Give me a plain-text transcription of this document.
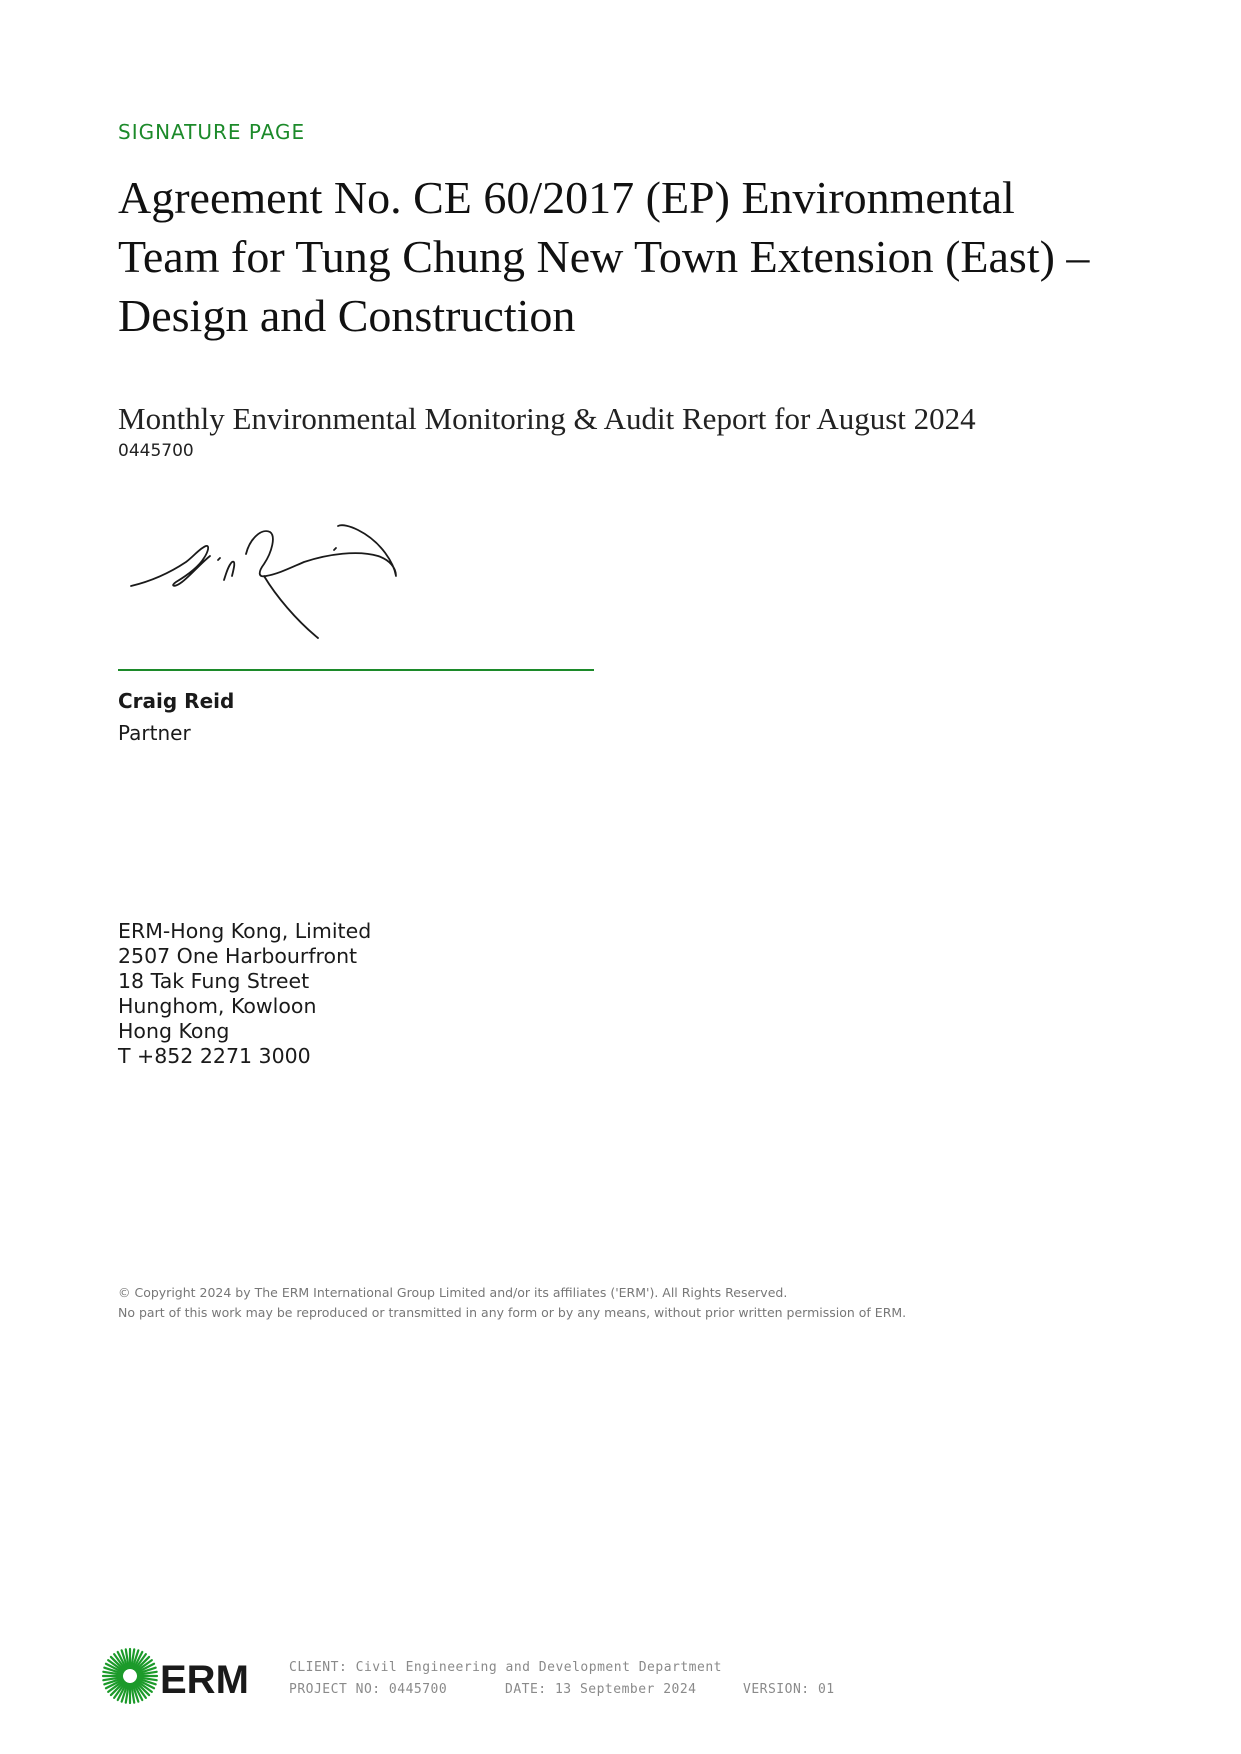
SIGNATURE PAGE
Agreement No. CE 60/2017 (EP) Environmental Team for Tung Chung New Town Extension (East) – Design and Construction
Monthly Environmental Monitoring & Audit Report for August 2024
0445700
Craig Reid
Partner
ERM-Hong Kong, Limited
2507 One Harbourfront
18 Tak Fung Street
Hunghom, Kowloon
Hong Kong
T +852 2271 3000
© Copyright 2024 by The ERM International Group Limited and/or its affiliates ('ERM'). All Rights Reserved.
No part of this work may be reproduced or transmitted in any form or by any means, without prior written permission of ERM.
ERM	CLIENT: Civil Engineering and Development Department
PROJECT NO: 0445700	DATE: 13 September 2024	VERSION: 01
